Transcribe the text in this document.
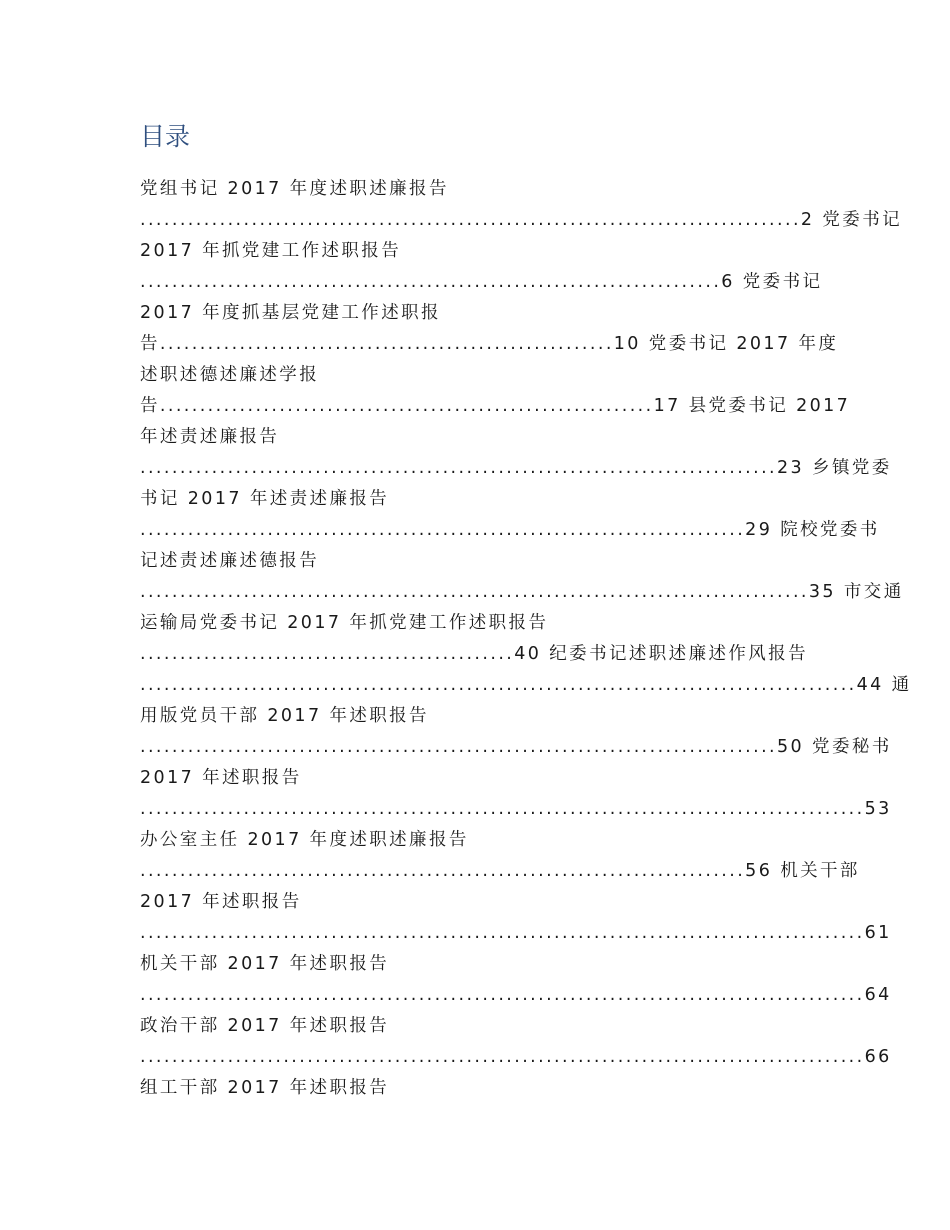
目录
党组书记 2017 年度述职述廉报告
...................................................................................2 党委书记
2017 年抓党建工作述职报告
.........................................................................6 党委书记
2017 年度抓基层党建工作述职报
告.........................................................10 党委书记 2017 年度
述职述德述廉述学报
告..............................................................17 县党委书记 2017
年述责述廉报告
................................................................................23 乡镇党委
书记 2017 年述责述廉报告
............................................................................29 院校党委书
记述责述廉述德报告
....................................................................................35 市交通
运输局党委书记 2017 年抓党建工作述职报告
...............................................40 纪委书记述职述廉述作风报告
..........................................................................................44 通
用版党员干部 2017 年述职报告
................................................................................50 党委秘书
2017 年述职报告
...........................................................................................53
办公室主任 2017 年度述职述廉报告
............................................................................56 机关干部
2017 年述职报告
...........................................................................................61
机关干部 2017 年述职报告
...........................................................................................64
政治干部 2017 年述职报告
...........................................................................................66
组工干部 2017 年述职报告
